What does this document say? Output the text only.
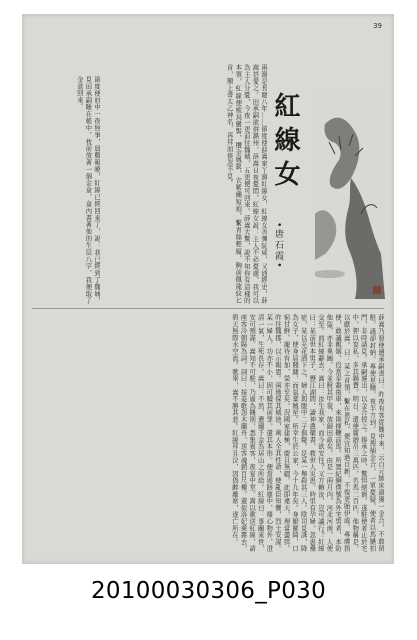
39
節度使府中一夜無事，晨雞報曉，紅線已經回來了，說：我已經到了魏城，見田承嗣睡在帳中，枕前放著一個金盒，盒內書著他的生辰八字，我便取了金盒回來。	兩淵是長慶八年……節度使薛嵩家丫頭紅線女，紅線女善彈阮咸，又通經史，薛嵩甚愛之。田承嗣欲併潞州，薛嵩日夜憂悶，紅線女說：主人不必憂慮，我可以為主人分憂，今夜一更前往魏城，五更便可回來。薛嵩大驚，說不知你有這樣的本領，紅線便梳烏蠻髻，攢金鳳釵，衣紫繡短袍，繫青絲輕履，胸前佩龍紋匕首，額上書太乙神名，再拜而倏忽不見。	紅線女
•唐石霞•
薛嵩乃發使遺承嗣書曰：昨夜有客從魏中來，云自元帥床頭獲一金合，不敢留駐，謹卻封納。專使星馳，夜半方到。見搜捕金合，一軍憂疑。使者以馬撾扣門，非時請見。承嗣遽出，以金合授之。捧承之時，驚怛絕倒。遂駐使者止於宅中，狎以宴私，多其錫賚。明日，遣使齎繒帛三萬匹，名馬二百匹，他物稱是，以獻於嵩。曰：某之首領，繫在恩私。便宜知過自新，不復更貽伊戚。專膺指使，敢議親姻。役當奉轂後車，來則揮鞭前馬。所置紀綱僕號為外宅男者，本防他盜，亦非異圖。今並脫其甲裳，放歸田畝矣。由是一兩月內，河北河南，人使交至。而紅線辭去。嵩曰：汝生我家，而今欲安往？又方賴汝，豈可議行？紅線曰：某前世本男子，歷江湖間，讀神農藥書，救世人災患。時里有孕婦，忽患蠱症，某以芫花酒下之，婦人與腹中二子俱斃。是某一舉殺其三人。陰司見誅，降為女子，使身居賤隸，而氣稟賊星。所幸生於公家，今十九年矣。身厭羅綺，口窮甘鮮，寵待有加，榮亦至矣。況國家建極，慶且無疆。此即違天，理當盡弭。昨往魏郡，以示報恩。兩地保其城池，萬人全其性命，使亂臣知懼，烈士安謀。某一婦人，功亦不小，固可贖其前罪，還其本形。便當遁跡塵中，棲心物外，澄清一氣，生死長存。嵩曰：不然，遺爾千金為居山之所給。紅線曰：事關來世，安可預謀。嵩知不可駐，乃廣為餞別，悉集賓客，夜宴中堂。嵩以歌送紅線，請座客冷朝陽為詞。詞曰：採菱歌怨木蘭舟，送客魂銷百尺樓。還似洛妃乘霧去，碧天無際水空流。歌畢，嵩不勝其悲。紅線拜且泣，因偽醉離席，遂亡所在。
20100030306_P030
